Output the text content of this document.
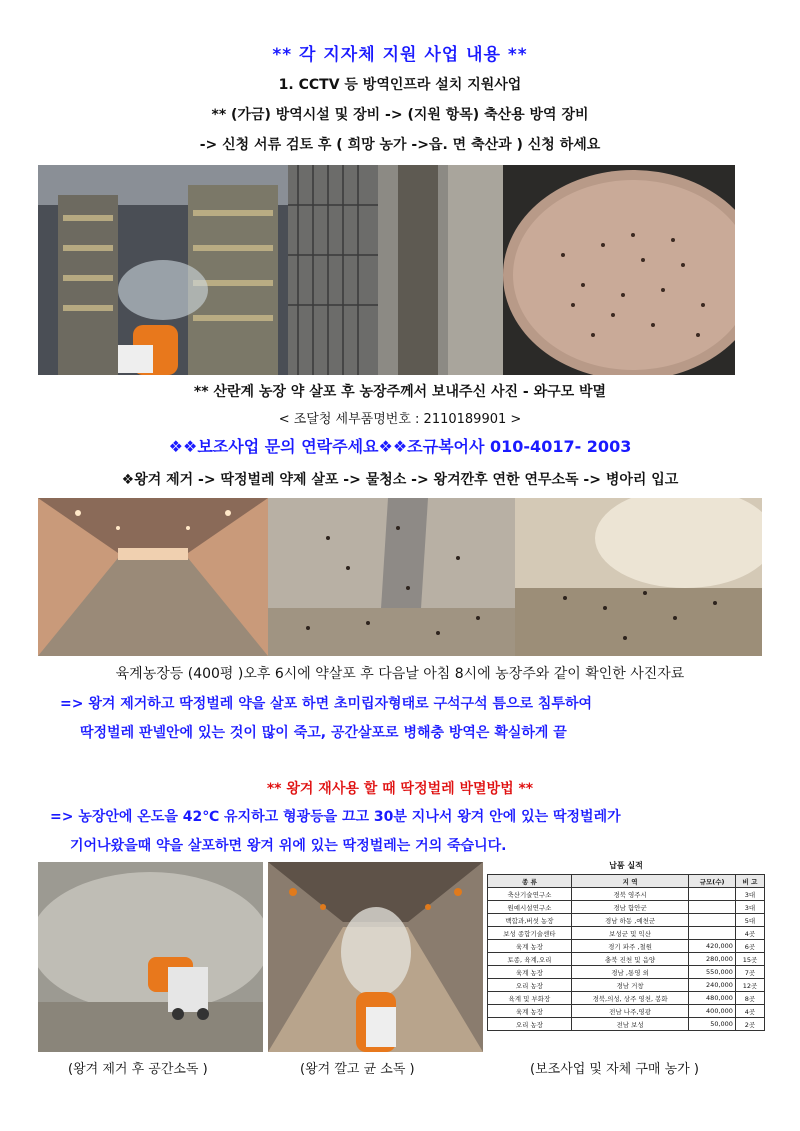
** 각 지자체 지원 사업 내용 **
1. CCTV 등 방역인프라 설치 지원사업
** (가금) 방역시설 및 장비 -> (지원 항목) 축산용 방역 장비
-> 신청 서류 검토 후 ( 희망 농가 ->읍. 면 축산과 ) 신청 하세요
** 산란계 농장 약 살포 후 농장주께서 보내주신 사진 - 와구모 박멸
< 조달청 세부품명번호 : 2110189901 >
❖❖보조사업 문의 연락주세요❖❖조규복어사 010-4017- 2003
❖왕겨 제거 -> 딱정벌레 약제 살포 -> 물청소 -> 왕겨깐후 연한 연무소독 -> 병아리 입고
육계농장등 (400평 )오후 6시에 약살포 후 다음날 아침 8시에 농장주와 같이 확인한 사진자료
=> 왕겨 제거하고 딱정벌레 약을 살포 하면 초미립자형태로 구석구석 틈으로 침투하여
딱정벌레 판넬안에 있는 것이 많이 죽고, 공간살포로 병해충 방역은 확실하게 끝
** 왕겨 재사용 할 때 딱정벌레 박멸방법 **
=> 농장안에 온도을 42℃ 유지하고 형광등을 끄고 30분 지나서 왕겨 안에 있는 딱정벌레가
기어나왔을때 약을 살포하면 왕겨 위에 있는 딱정벌레는 거의 죽습니다.
납품 실적
종 류	지 역	규모(수)	비 고
축산기술연구소	경북 영주시		3대
원예시설연구소	경남 함안군		3대
백합과,버섯 농장	경남 하동 ,예천군		5대
보성 종합기술센타	보성군 및 익산		4곳
육계 농장	경기 파주 ,철원	420,000	6곳
토종, 육계,오리	충북 진천 및 음양	280,000	15곳
육계 농장	경남 ,통영 외	550,000	7곳
오리 농장	경남 거창	240,000	12곳
육계 및 부화장	경북,의성, 상주 영천, 봉화	480,000	8곳
육계 농장	전남 나주,영광	400,000	4곳
오리 농장	전남 보성	50,000	2곳
(왕겨 제거 후 공간소독 )	(왕겨 깔고 균 소독 )	(보조사업 및 자체 구매 농가 )
